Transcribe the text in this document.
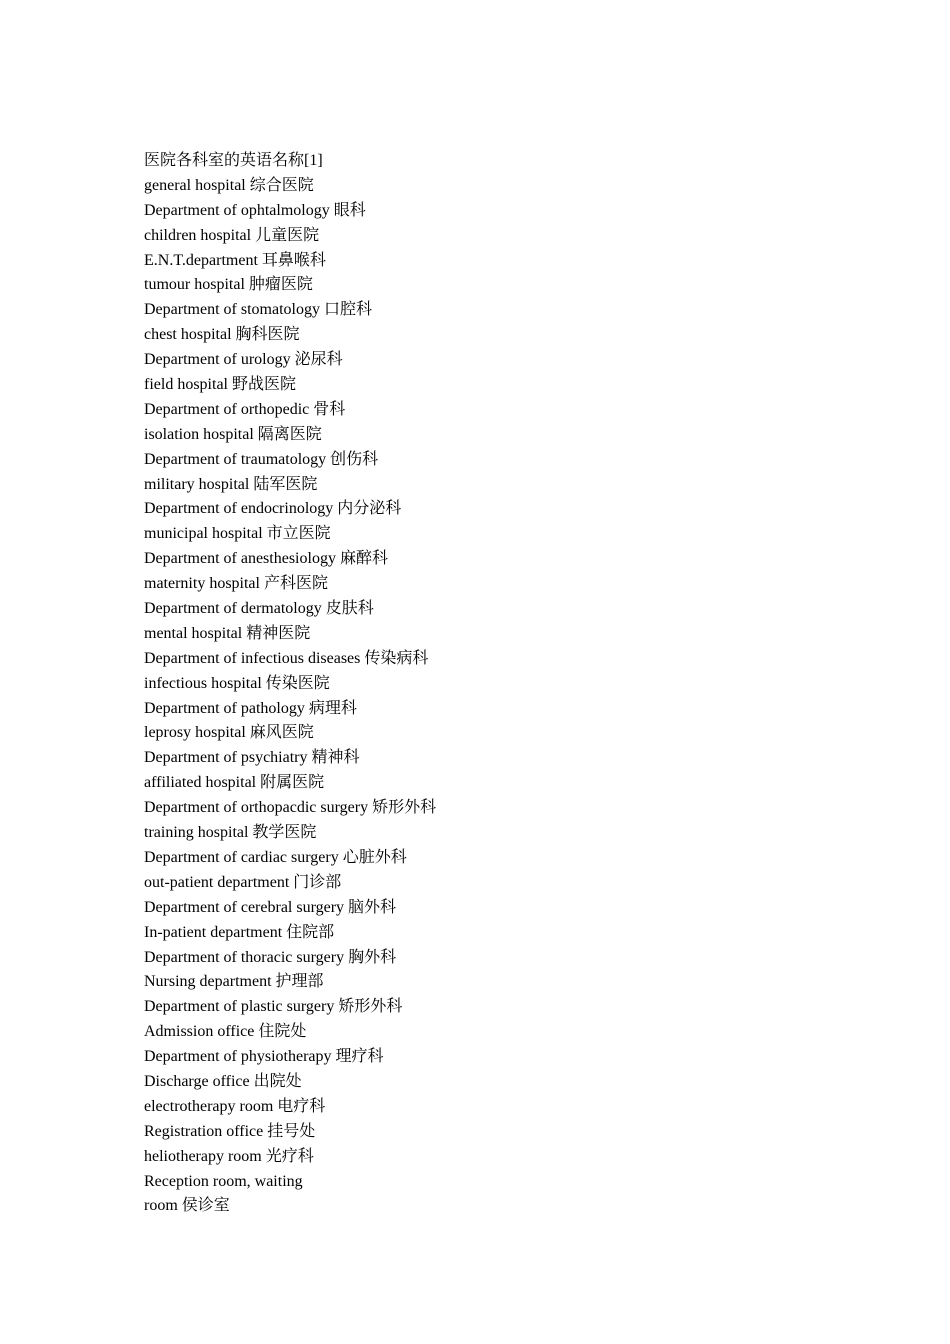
医院各科室的英语名称[1]
general hospital 综合医院
Department of ophtalmology 眼科
children hospital 儿童医院
E.N.T.department 耳鼻喉科
tumour hospital 肿瘤医院
Department of stomatology 口腔科
chest hospital 胸科医院
Department of urology 泌尿科
field hospital 野战医院
Department of orthopedic 骨科
isolation hospital 隔离医院
Department of traumatology 创伤科
military hospital 陆军医院
Department of endocrinology 内分泌科
municipal hospital 市立医院
Department of anesthesiology 麻醉科
maternity hospital 产科医院
Department of dermatology 皮肤科
mental hospital 精神医院
Department of infectious diseases 传染病科
infectious hospital 传染医院
Department of pathology 病理科
leprosy hospital 麻风医院
Department of psychiatry 精神科
affiliated hospital 附属医院
Department of orthopacdic surgery 矫形外科
training hospital 教学医院
Department of cardiac surgery 心脏外科
out-patient department 门诊部
Department of cerebral surgery 脑外科
In-patient department 住院部
Department of thoracic surgery 胸外科
Nursing department 护理部
Department of plastic surgery 矫形外科
Admission office 住院处
Department of physiotherapy 理疗科
Discharge office 出院处
electrotherapy room 电疗科
Registration office 挂号处
heliotherapy room 光疗科
Reception room, waiting
room 侯诊室
